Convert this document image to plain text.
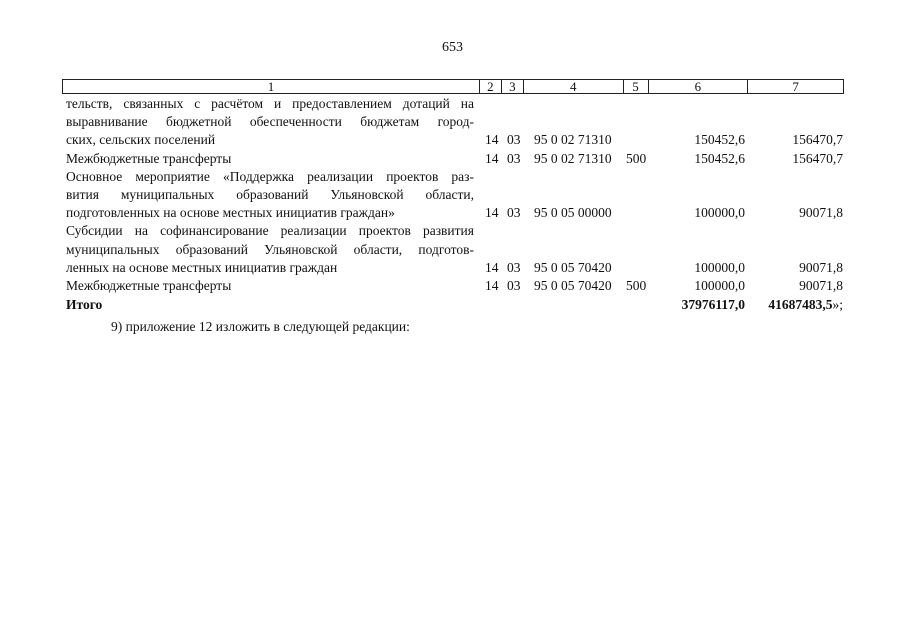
653
1	2	3	4	5	6	7
тельств, связанных с расчётом и предоставлением дотаций на
выравнивание бюджетной обеспеченности бюджетам город-
ских, сельских поселений	14 03 95 0 02 71310	150452,6	156470,7
Межбюджетные трансферты	14 03 95 0 02 71310 500	150452,6	156470,7
Основное мероприятие «Поддержка реализации проектов раз-
вития муниципальных образований Ульяновской области,
подготовленных на основе местных инициатив граждан»	14 03 95 0 05 00000	100000,0	90071,8
Субсидии на софинансирование реализации проектов развития
муниципальных образований Ульяновской области, подготов-
ленных на основе местных инициатив граждан	14 03 95 0 05 70420	100000,0	90071,8
Межбюджетные трансферты	14 03 95 0 05 70420 500	100000,0	90071,8
Итого	37976117,0 41687483,5»;
9) приложение 12 изложить в следующей редакции:
